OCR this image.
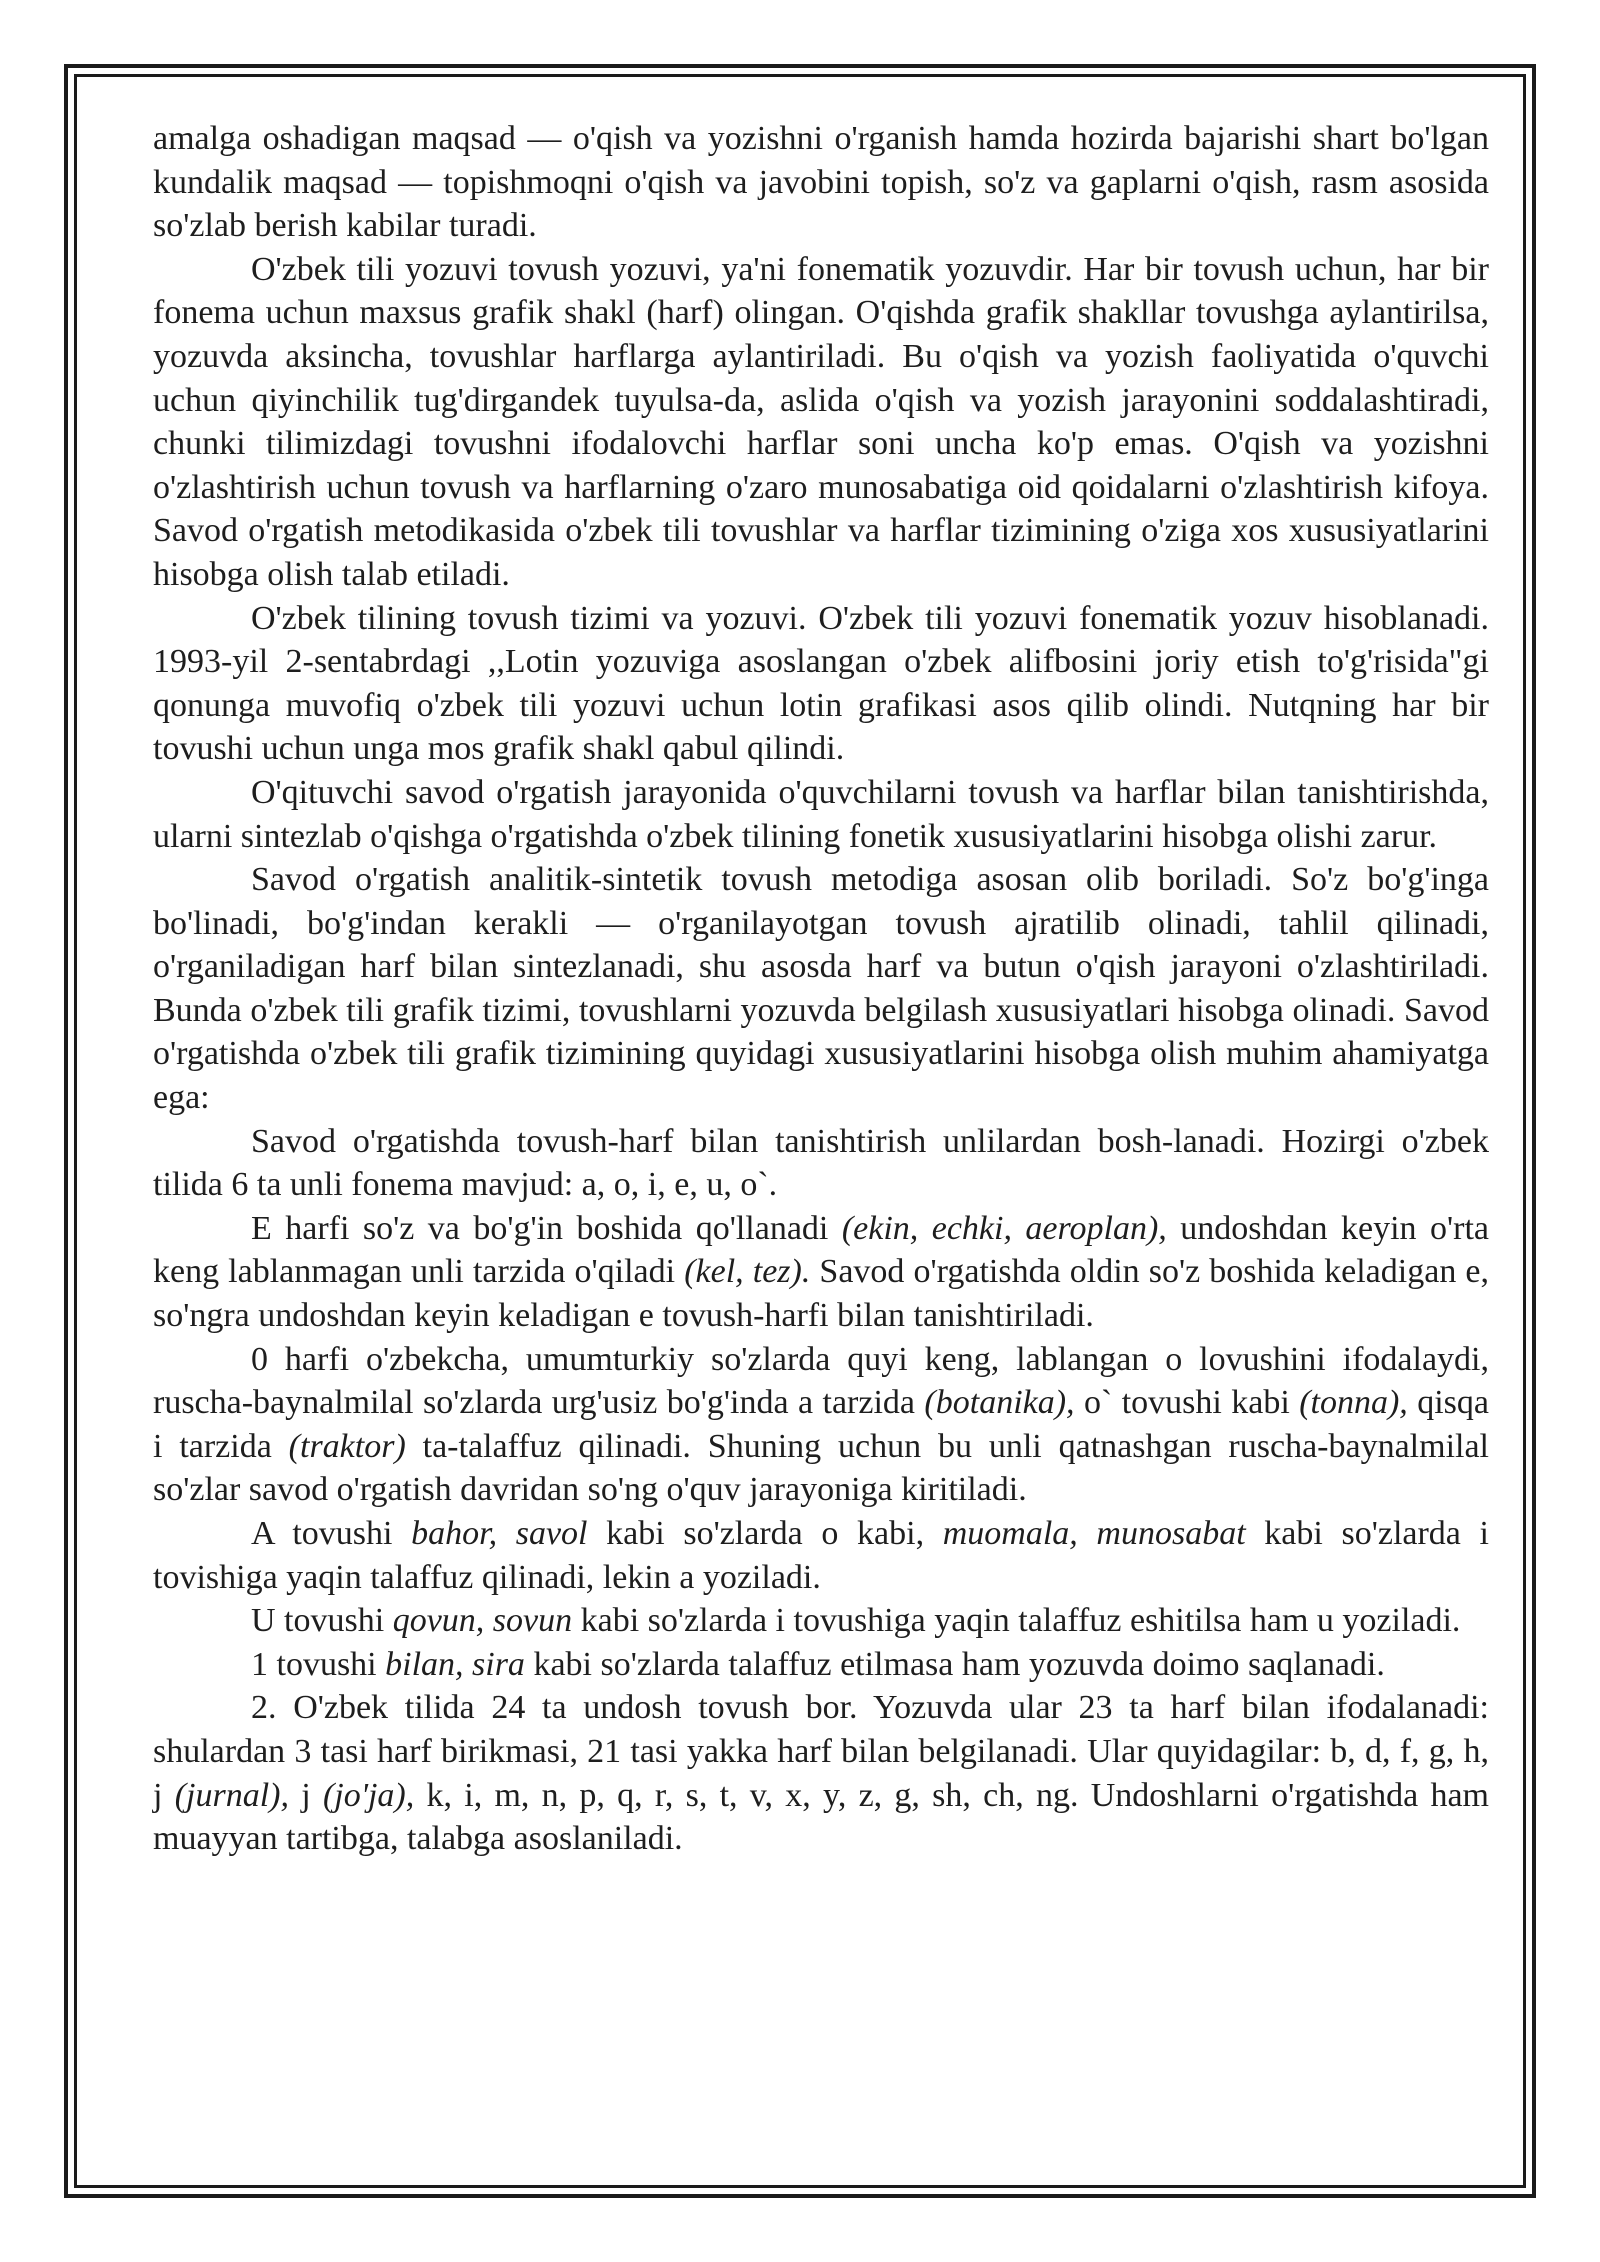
amalga oshadigan maqsad — o'qish va yozishni o'rganish hamda hozirda bajarishi shart bo'lgan kundalik maqsad — topishmoqni o'qish va javobini topish, so'z va gaplarni o'qish, rasm asosida so'zlab berish kabilar turadi.

O'zbek tili yozuvi tovush yozuvi, ya'ni fonematik yozuvdir. Har bir tovush uchun, har bir fonema uchun maxsus grafik shakl (harf) olingan. O'qishda grafik shakllar tovushga aylantirilsa, yozuvda aksincha, tovushlar harflarga aylantiriladi. Bu o'qish va yozish faoliyatida o'quvchi uchun qiyinchilik tug'dirgandek tuyulsa-da, aslida o'qish va yozish jarayonini soddalashtiradi, chunki tilimizdagi tovushni ifodalovchi harflar soni uncha ko'p emas. O'qish va yozishni o'zlashtirish uchun tovush va harflarning o'zaro munosabatiga oid qoidalarni o'zlashtirish kifoya. Savod o'rgatish metodikasida o'zbek tili tovushlar va harflar tizimining o'ziga xos xususiyatlarini hisobga olish talab etiladi.

O'zbek tilining tovush tizimi va yozuvi. O'zbek tili yozuvi fonematik yozuv hisoblanadi. 1993-yil 2-sentabrdagi ,,Lotin yozuviga asoslangan o'zbek alifbosini joriy etish to'g'risida"gi qonunga muvofiq o'zbek tili yozuvi uchun lotin grafikasi asos qilib olindi. Nutqning har bir tovushi uchun unga mos grafik shakl qabul qilindi.

O'qituvchi savod o'rgatish jarayonida o'quvchilarni tovush va harflar bilan tanishtirishda, ularni sintezlab o'qishga o'rgatishda o'zbek tilining fonetik xususiyatlarini hisobga olishi zarur.

Savod o'rgatish analitik-sintetik tovush metodiga asosan olib boriladi. So'z bo'g'inga bo'linadi, bo'g'indan kerakli — o'rganilayotgan tovush ajratilib olinadi, tahlil qilinadi, o'rganiladigan harf bilan sintezlanadi, shu asosda harf va butun o'qish jarayoni o'zlashtiriladi. Bunda o'zbek tili grafik tizimi, tovushlarni yozuvda belgilash xususiyatlari hisobga olinadi. Savod o'rgatishda o'zbek tili grafik tizimining quyidagi xususiyatlarini hisobga olish muhim ahamiyatga ega:

Savod o'rgatishda tovush-harf bilan tanishtirish unlilardan bosh-lanadi. Hozirgi o'zbek tilida 6 ta unli fonema mavjud: a, o, i, e, u, o`.

E harfi so'z va bo'g'in boshida qo'llanadi (ekin, echki, aeroplan), undoshdan keyin o'rta keng lablanmagan unli tarzida o'qiladi (kel, tez). Savod o'rgatishda oldin so'z boshida keladigan e, so'ngra undoshdan keyin keladigan e tovush-harfi bilan tanishtiriladi.

0 harfi o'zbekcha, umumturkiy so'zlarda quyi keng, lablangan o lovushini ifodalaydi, ruscha-baynalmilal so'zlarda urg'usiz bo'g'inda a tarzida (botanika), o` tovushi kabi (tonna), qisqa i tarzida (traktor) ta-talaffuz qilinadi. Shuning uchun bu unli qatnashgan ruscha-baynalmilal so'zlar savod o'rgatish davridan so'ng o'quv jarayoniga kiritiladi.

A tovushi bahor, savol kabi so'zlarda o kabi, muomala, munosabat kabi so'zlarda i tovishiga yaqin talaffuz qilinadi, lekin a yoziladi.

U tovushi qovun, sovun kabi so'zlarda i tovushiga yaqin talaffuz eshitilsa ham u yoziladi.

1 tovushi bilan, sira kabi so'zlarda talaffuz etilmasa ham yozuvda doimo saqlanadi.

2. O'zbek tilida 24 ta undosh tovush bor. Yozuvda ular 23 ta harf bilan ifodalanadi: shulardan 3 tasi harf birikmasi, 21 tasi yakka harf bilan belgilanadi. Ular quyidagilar: b, d, f, g, h, j (jurnal), j (jo'ja), k, i, m, n, p, q, r, s, t, v, x, y, z, g, sh, ch, ng. Undoshlarni o'rgatishda ham muayyan tartibga, talabga asoslaniladi.
